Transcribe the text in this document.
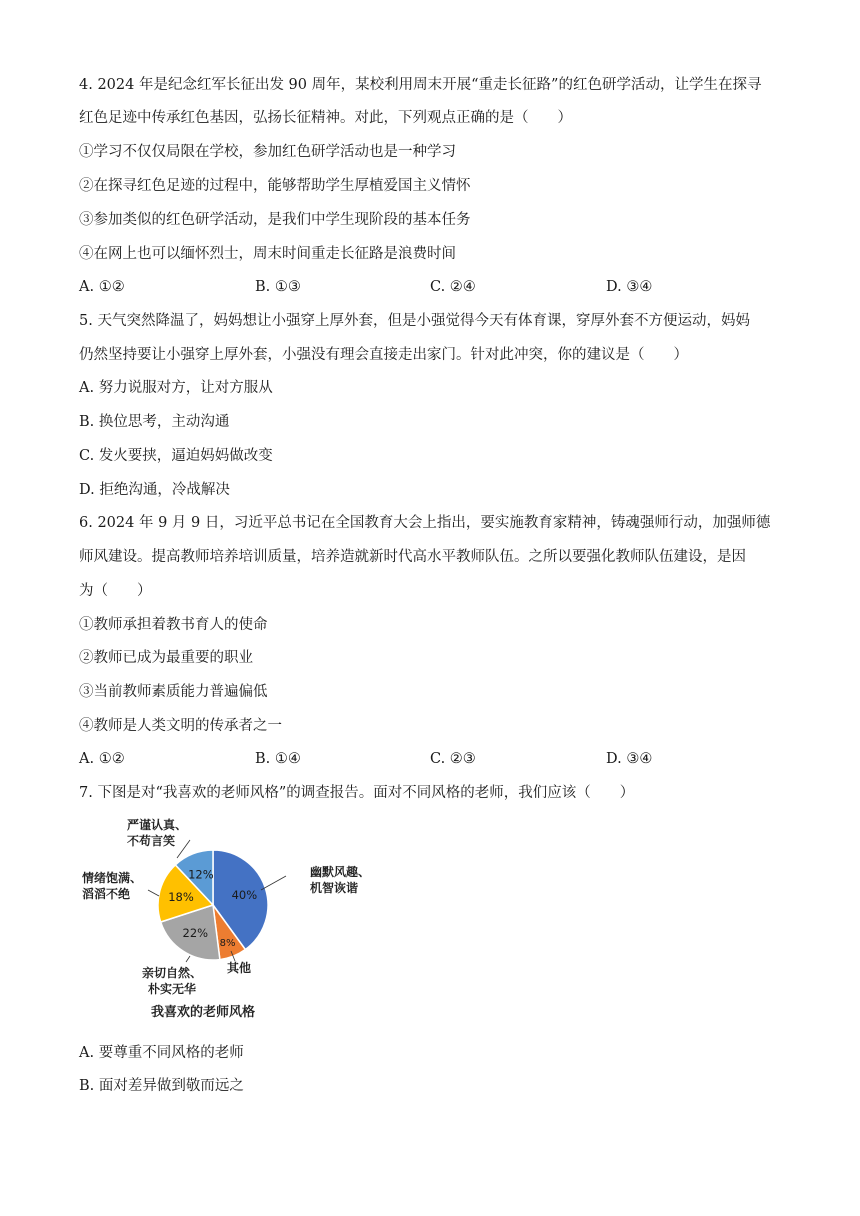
4. 2024 年是纪念红军长征出发 90 周年，某校利用周末开展“重走长征路”的红色研学活动，让学生在探寻
红色足迹中传承红色基因，弘扬长征精神。对此，下列观点正确的是（　　）
①学习不仅仅局限在学校，参加红色研学活动也是一种学习
②在探寻红色足迹的过程中，能够帮助学生厚植爱国主义情怀
③参加类似的红色研学活动，是我们中学生现阶段的基本任务
④在网上也可以缅怀烈士，周末时间重走长征路是浪费时间
A. ①②	B. ①③	C. ②④	D. ③④
5. 天气突然降温了，妈妈想让小强穿上厚外套，但是小强觉得今天有体育课，穿厚外套不方便运动，妈妈
仍然坚持要让小强穿上厚外套，小强没有理会直接走出家门。针对此冲突，你的建议是（　　）
A. 努力说服对方，让对方服从
B. 换位思考，主动沟通
C. 发火要挟，逼迫妈妈做改变
D. 拒绝沟通，冷战解决
6. 2024 年 9 月 9 日，习近平总书记在全国教育大会上指出，要实施教育家精神，铸魂强师行动，加强师德
师风建设。提高教师培养培训质量，培养造就新时代高水平教师队伍。之所以要强化教师队伍建设，是因
为（　　）
①教师承担着教书育人的使命
②教师已成为最重要的职业
③当前教师素质能力普遍偏低
④教师是人类文明的传承者之一
A. ①②	B. ①④	C. ②③	D. ③④
7. 下图是对“我喜欢的老师风格”的调查报告。面对不同风格的老师，我们应该（　　）
40%
幽默风趣、
机智诙谐
8%
其他
22%
亲切自然、
朴实无华
18%
情绪饱满、
滔滔不绝
12%
严谨认真、
不苟言笑
我喜欢的老师风格
A. 要尊重不同风格的老师
B. 面对差异做到敬而远之
